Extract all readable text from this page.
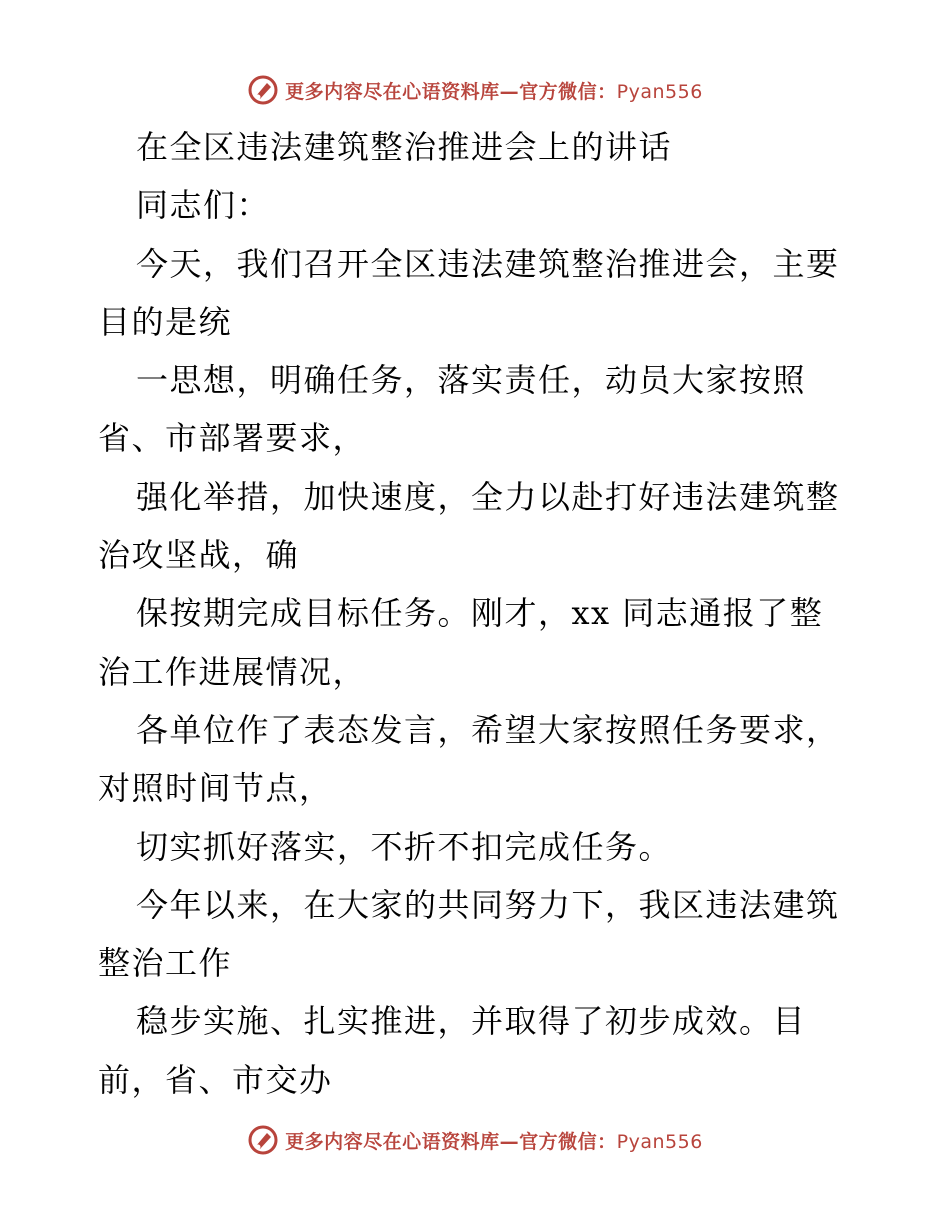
更多内容尽在心语资料库—官方微信：Pyan556
在全区违法建筑整治推进会上的讲话
同志们：
今天，我们召开全区违法建筑整治推进会，主要
目的是统
一思想，明确任务，落实责任，动员大家按照
省、市部署要求，
强化举措，加快速度，全力以赴打好违法建筑整
治攻坚战，确
保按期完成目标任务。刚才，xx 同志通报了整
治工作进展情况，
各单位作了表态发言，希望大家按照任务要求，
对照时间节点，
切实抓好落实，不折不扣完成任务。
今年以来，在大家的共同努力下，我区违法建筑
整治工作
稳步实施、扎实推进，并取得了初步成效。目
前，省、市交办
更多内容尽在心语资料库—官方微信：Pyan556
